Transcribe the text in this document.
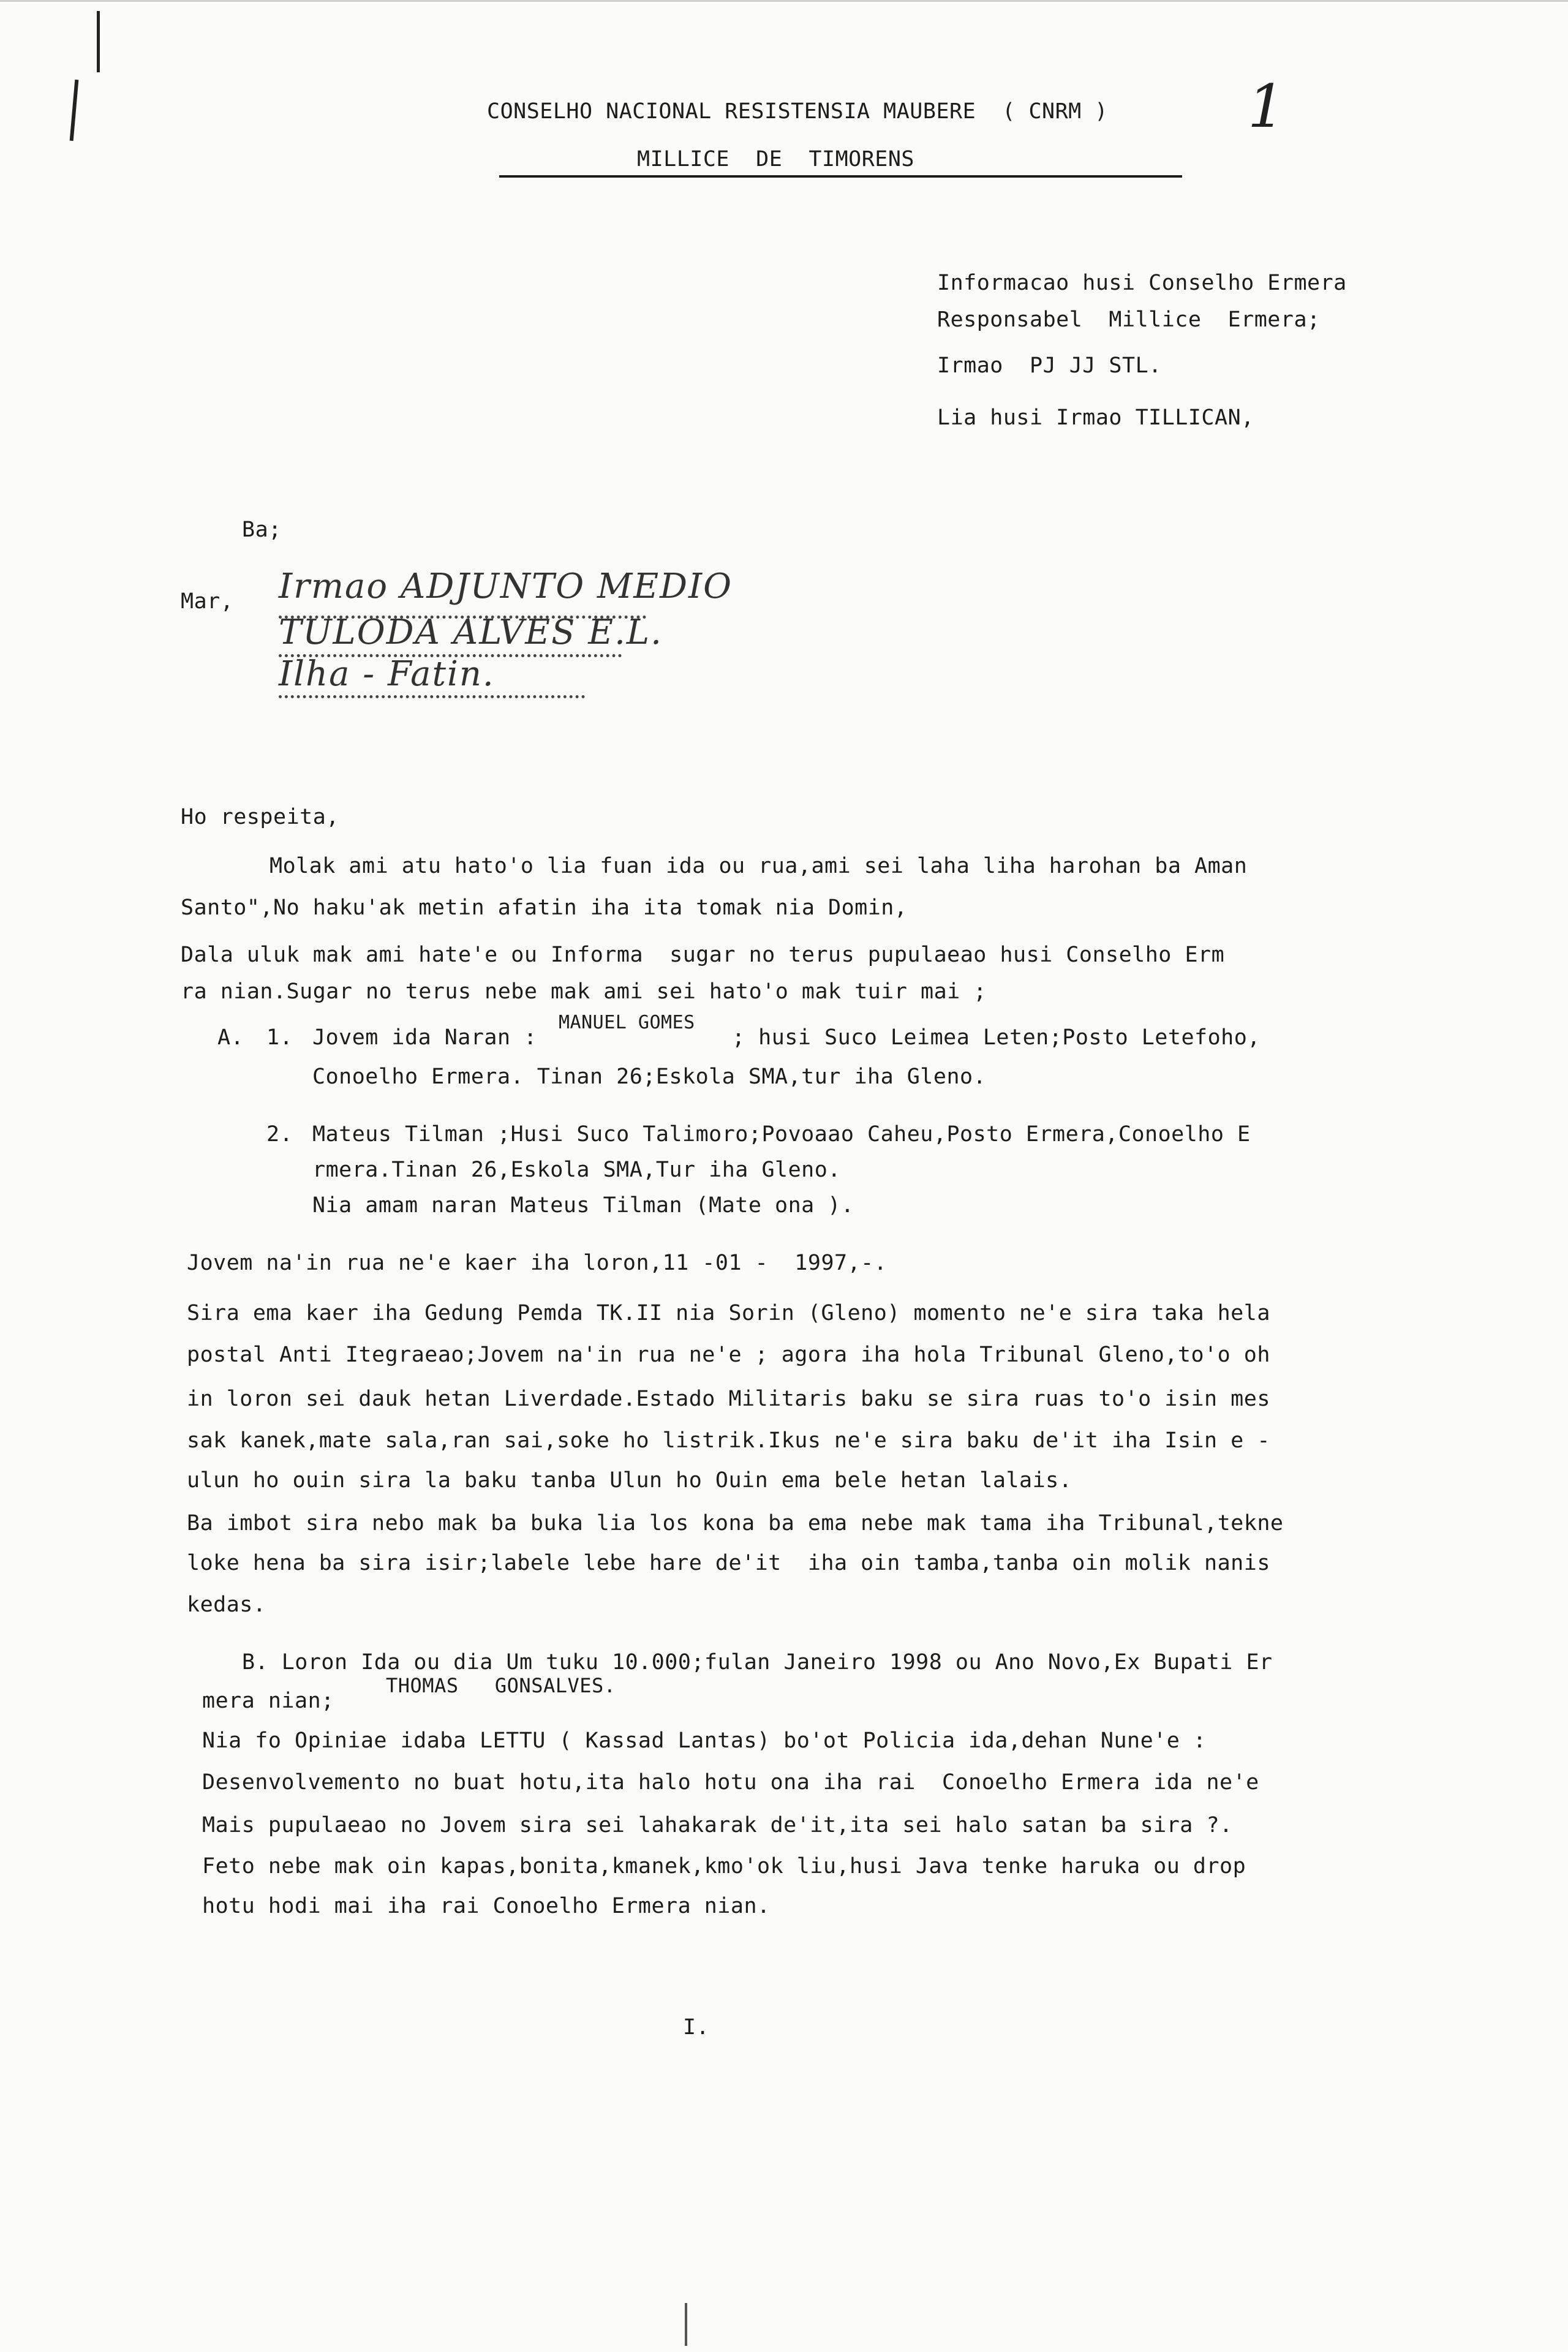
CONSELHO NACIONAL RESISTENSIA MAUBERE  ( CNRM )
MILLICE  DE  TIMORENS
1
Informacao husi Conselho Ermera
Responsabel  Millice  Ermera;
Irmao  PJ JJ STL.
Lia husi Irmao TILLICAN,
Ba;
Mar, Irmao ADJUNTO MEDIO
TULODA ALVES E.L.
Ilha - Fatin.
Ho respeita,
Molak ami atu hato'o lia fuan ida ou rua,ami sei laha liha harohan ba Aman
Santo",No haku'ak metin afatin iha ita tomak nia Domin,
Dala uluk mak ami hate'e ou Informa  sugar no terus pupulaeao husi Conselho Erm
ra nian.Sugar no terus nebe mak ami sei hato'o mak tuir mai ;
A. 1. Jovem ida Naran :
MANUEL GOMES
; husi Suco Leimea Leten;Posto Letefoho,
Conoelho Ermera. Tinan 26;Eskola SMA,tur iha Gleno.
2. Mateus Tilman ;Husi Suco Talimoro;Povoaao Caheu,Posto Ermera,Conoelho E
rmera.Tinan 26,Eskola SMA,Tur iha Gleno.
Nia amam naran Mateus Tilman (Mate ona ).
Jovem na'in rua ne'e kaer iha loron,11 -01 -  1997,-.
Sira ema kaer iha Gedung Pemda TK.II nia Sorin (Gleno) momento ne'e sira taka hela
postal Anti Itegraeao;Jovem na'in rua ne'e ; agora iha hola Tribunal Gleno,to'o oh
in loron sei dauk hetan Liverdade.Estado Militaris baku se sira ruas to'o isin mes
sak kanek,mate sala,ran sai,soke ho listrik.Ikus ne'e sira baku de'it iha Isin e -
ulun ho ouin sira la baku tanba Ulun ho Ouin ema bele hetan lalais.
Ba imbot sira nebo mak ba buka lia los kona ba ema nebe mak tama iha Tribunal,tekne
loke hena ba sira isir;labele lebe hare de'it  iha oin tamba,tanba oin molik nanis
kedas.
B. Loron Ida ou dia Um tuku 10.000;fulan Janeiro 1998 ou Ano Novo,Ex Bupati Er
mera nian;
THOMAS   GONSALVES.
Nia fo Opiniae idaba LETTU ( Kassad Lantas) bo'ot Policia ida,dehan Nune'e :
Desenvolvemento no buat hotu,ita halo hotu ona iha rai  Conoelho Ermera ida ne'e
Mais pupulaeao no Jovem sira sei lahakarak de'it,ita sei halo satan ba sira ?.
Feto nebe mak oin kapas,bonita,kmanek,kmo'ok liu,husi Java tenke haruka ou drop
hotu hodi mai iha rai Conoelho Ermera nian.
I.
